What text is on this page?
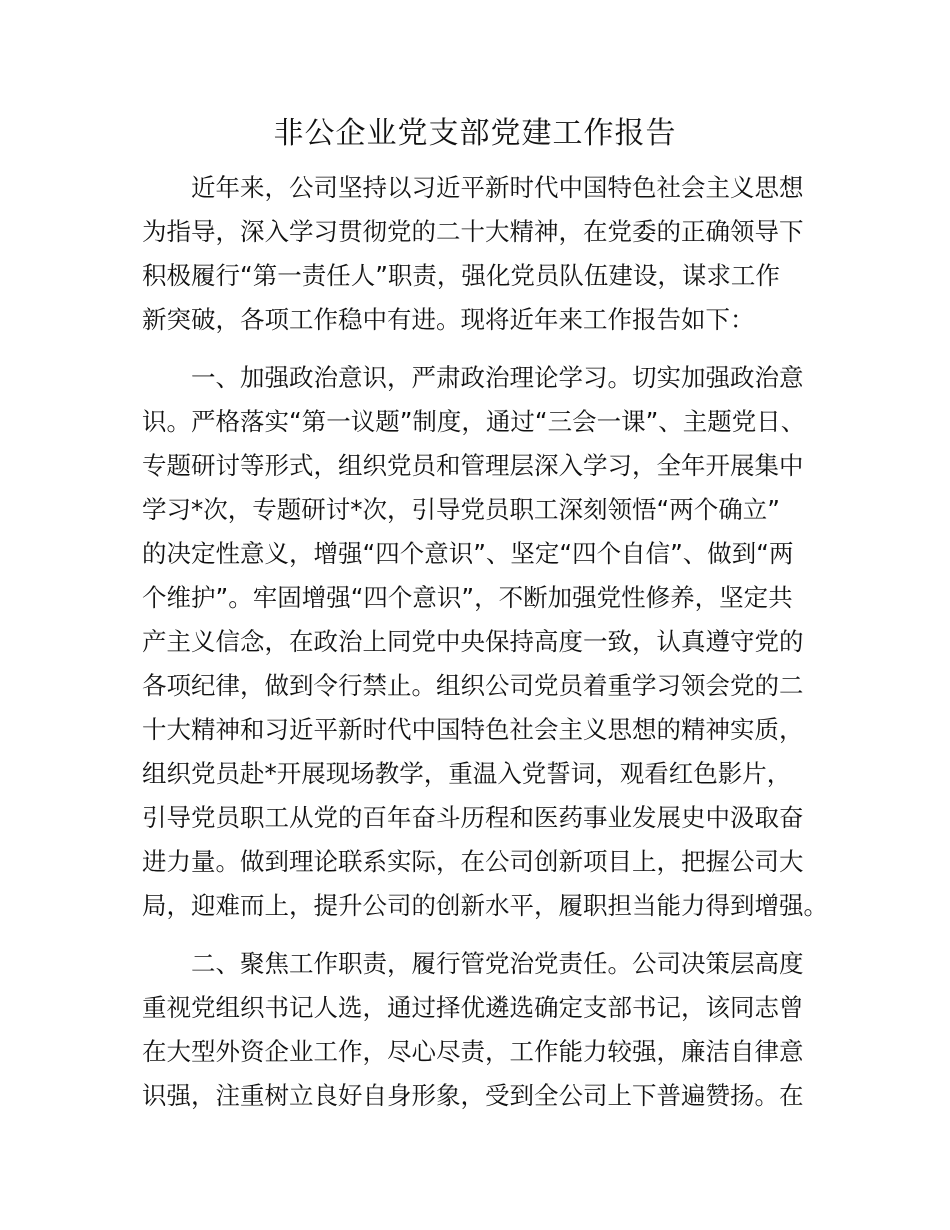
非公企业党支部党建工作报告
　　近年来，公司坚持以习近平新时代中国特色社会主义思想
为指导，深入学习贯彻党的二十大精神，在党委的正确领导下
积极履行“第一责任人”职责，强化党员队伍建设，谋求工作
新突破，各项工作稳中有进。现将近年来工作报告如下：
　　一、加强政治意识，严肃政治理论学习。切实加强政治意
识。严格落实“第一议题”制度，通过“三会一课”、主题党日、
专题研讨等形式，组织党员和管理层深入学习，全年开展集中
学习*次，专题研讨*次，引导党员职工深刻领悟“两个确立”
的决定性意义，增强“四个意识”、坚定“四个自信”、做到“两
个维护”。牢固增强“四个意识”，不断加强党性修养，坚定共
产主义信念，在政治上同党中央保持高度一致，认真遵守党的
各项纪律，做到令行禁止。组织公司党员着重学习领会党的二
十大精神和习近平新时代中国特色社会主义思想的精神实质，
组织党员赴*开展现场教学，重温入党誓词，观看红色影片，
引导党员职工从党的百年奋斗历程和医药事业发展史中汲取奋
进力量。做到理论联系实际，在公司创新项目上，把握公司大
局，迎难而上，提升公司的创新水平，履职担当能力得到增强。
　　二、聚焦工作职责，履行管党治党责任。公司决策层高度
重视党组织书记人选，通过择优遴选确定支部书记，该同志曾
在大型外资企业工作，尽心尽责，工作能力较强，廉洁自律意
识强，注重树立良好自身形象，受到全公司上下普遍赞扬。在
